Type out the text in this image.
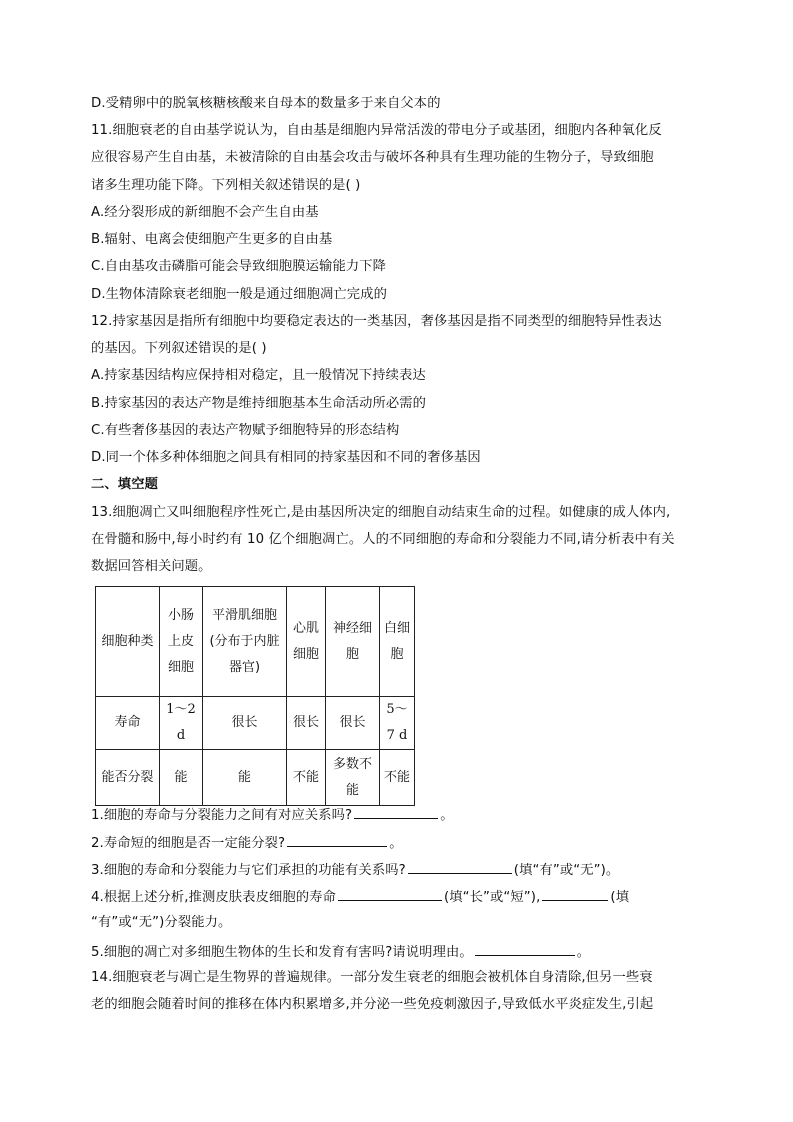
D.受精卵中的脱氧核糖核酸来自母本的数量多于来自父本的
11.细胞衰老的自由基学说认为，自由基是细胞内异常活泼的带电分子或基团，细胞内各种氧化反
应很容易产生自由基，未被清除的自由基会攻击与破坏各种具有生理功能的生物分子，导致细胞
诸多生理功能下降。下列相关叙述错误的是( )
A.经分裂形成的新细胞不会产生自由基
B.辐射、电离会使细胞产生更多的自由基
C.自由基攻击磷脂可能会导致细胞膜运输能力下降
D.生物体清除衰老细胞一般是通过细胞凋亡完成的
12.持家基因是指所有细胞中均要稳定表达的一类基因，奢侈基因是指不同类型的细胞特异性表达
的基因。下列叙述错误的是( )
A.持家基因结构应保持相对稳定，且一般情况下持续表达
B.持家基因的表达产物是维持细胞基本生命活动所必需的
C.有些奢侈基因的表达产物赋予细胞特异的形态结构
D.同一个体多种体细胞之间具有相同的持家基因和不同的奢侈基因
二、填空题
13.细胞凋亡又叫细胞程序性死亡,是由基因所决定的细胞自动结束生命的过程。如健康的成人体内,
在骨髓和肠中,每小时约有 10 亿个细胞凋亡。人的不同细胞的寿命和分裂能力不同,请分析表中有关
数据回答相关问题。
细胞种类	小肠上皮细胞	平滑肌细胞(分布于内脏器官)	心肌细胞	神经细胞	白细胞
寿命	1～2 d	很长	很长	很长	5～7 d
能否分裂	能	能	不能	多数不能	不能
1.细胞的寿命与分裂能力之间有对应关系吗?	。
2.寿命短的细胞是否一定能分裂?	。
3.细胞的寿命和分裂能力与它们承担的功能有关系吗?	(填“有”或“无”)。
4.根据上述分析,推测皮肤表皮细胞的寿命	(填“长”或“短”),	(填
“有”或“无”)分裂能力。
5.细胞的凋亡对多细胞生物体的生长和发育有害吗?请说明理由。	。
14.细胞衰老与凋亡是生物界的普遍规律。一部分发生衰老的细胞会被机体自身清除,但另一些衰
老的细胞会随着时间的推移在体内积累增多,并分泌一些免疫刺激因子,导致低水平炎症发生,引起
